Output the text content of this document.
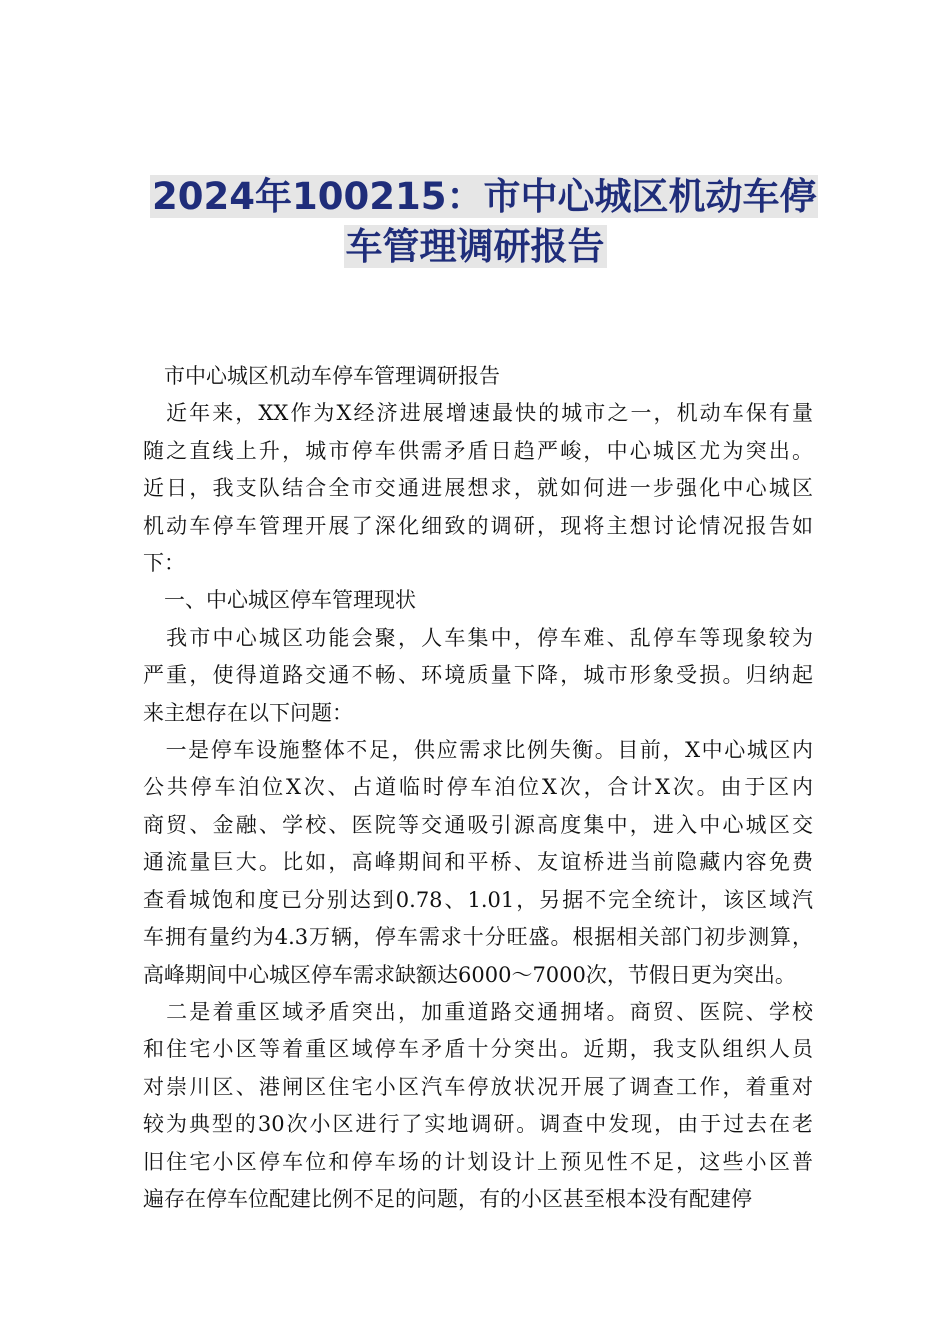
2024年100215：市中心城区机动车停
车管理调研报告
　市中心城区机动车停车管理调研报告
　近年来，XX作为X经济进展增速最快的城市之一，机动车保有量
随之直线上升，城市停车供需矛盾日趋严峻，中心城区尤为突出。
近日，我支队结合全市交通进展想求，就如何进一步强化中心城区
机动车停车管理开展了深化细致的调研，现将主想讨论情况报告如
下：
　一、中心城区停车管理现状
　我市中心城区功能会聚，人车集中，停车难、乱停车等现象较为
严重，使得道路交通不畅、环境质量下降，城市形象受损。归纳起
来主想存在以下问题：
　一是停车设施整体不足，供应需求比例失衡。目前，X中心城区内
公共停车泊位X次、占道临时停车泊位X次，合计X次。由于区内
商贸、金融、学校、医院等交通吸引源高度集中，进入中心城区交
通流量巨大。比如，高峰期间和平桥、友谊桥进当前隐藏内容免费
查看城饱和度已分别达到0.78、1.01，另据不完全统计，该区域汽
车拥有量约为4.3万辆，停车需求十分旺盛。根据相关部门初步测算，
高峰期间中心城区停车需求缺额达6000～7000次，节假日更为突出。
　二是着重区域矛盾突出，加重道路交通拥堵。商贸、医院、学校
和住宅小区等着重区域停车矛盾十分突出。近期，我支队组织人员
对崇川区、港闸区住宅小区汽车停放状况开展了调查工作，着重对
较为典型的30次小区进行了实地调研。调查中发现，由于过去在老
旧住宅小区停车位和停车场的计划设计上预见性不足，这些小区普
遍存在停车位配建比例不足的问题，有的小区甚至根本没有配建停
